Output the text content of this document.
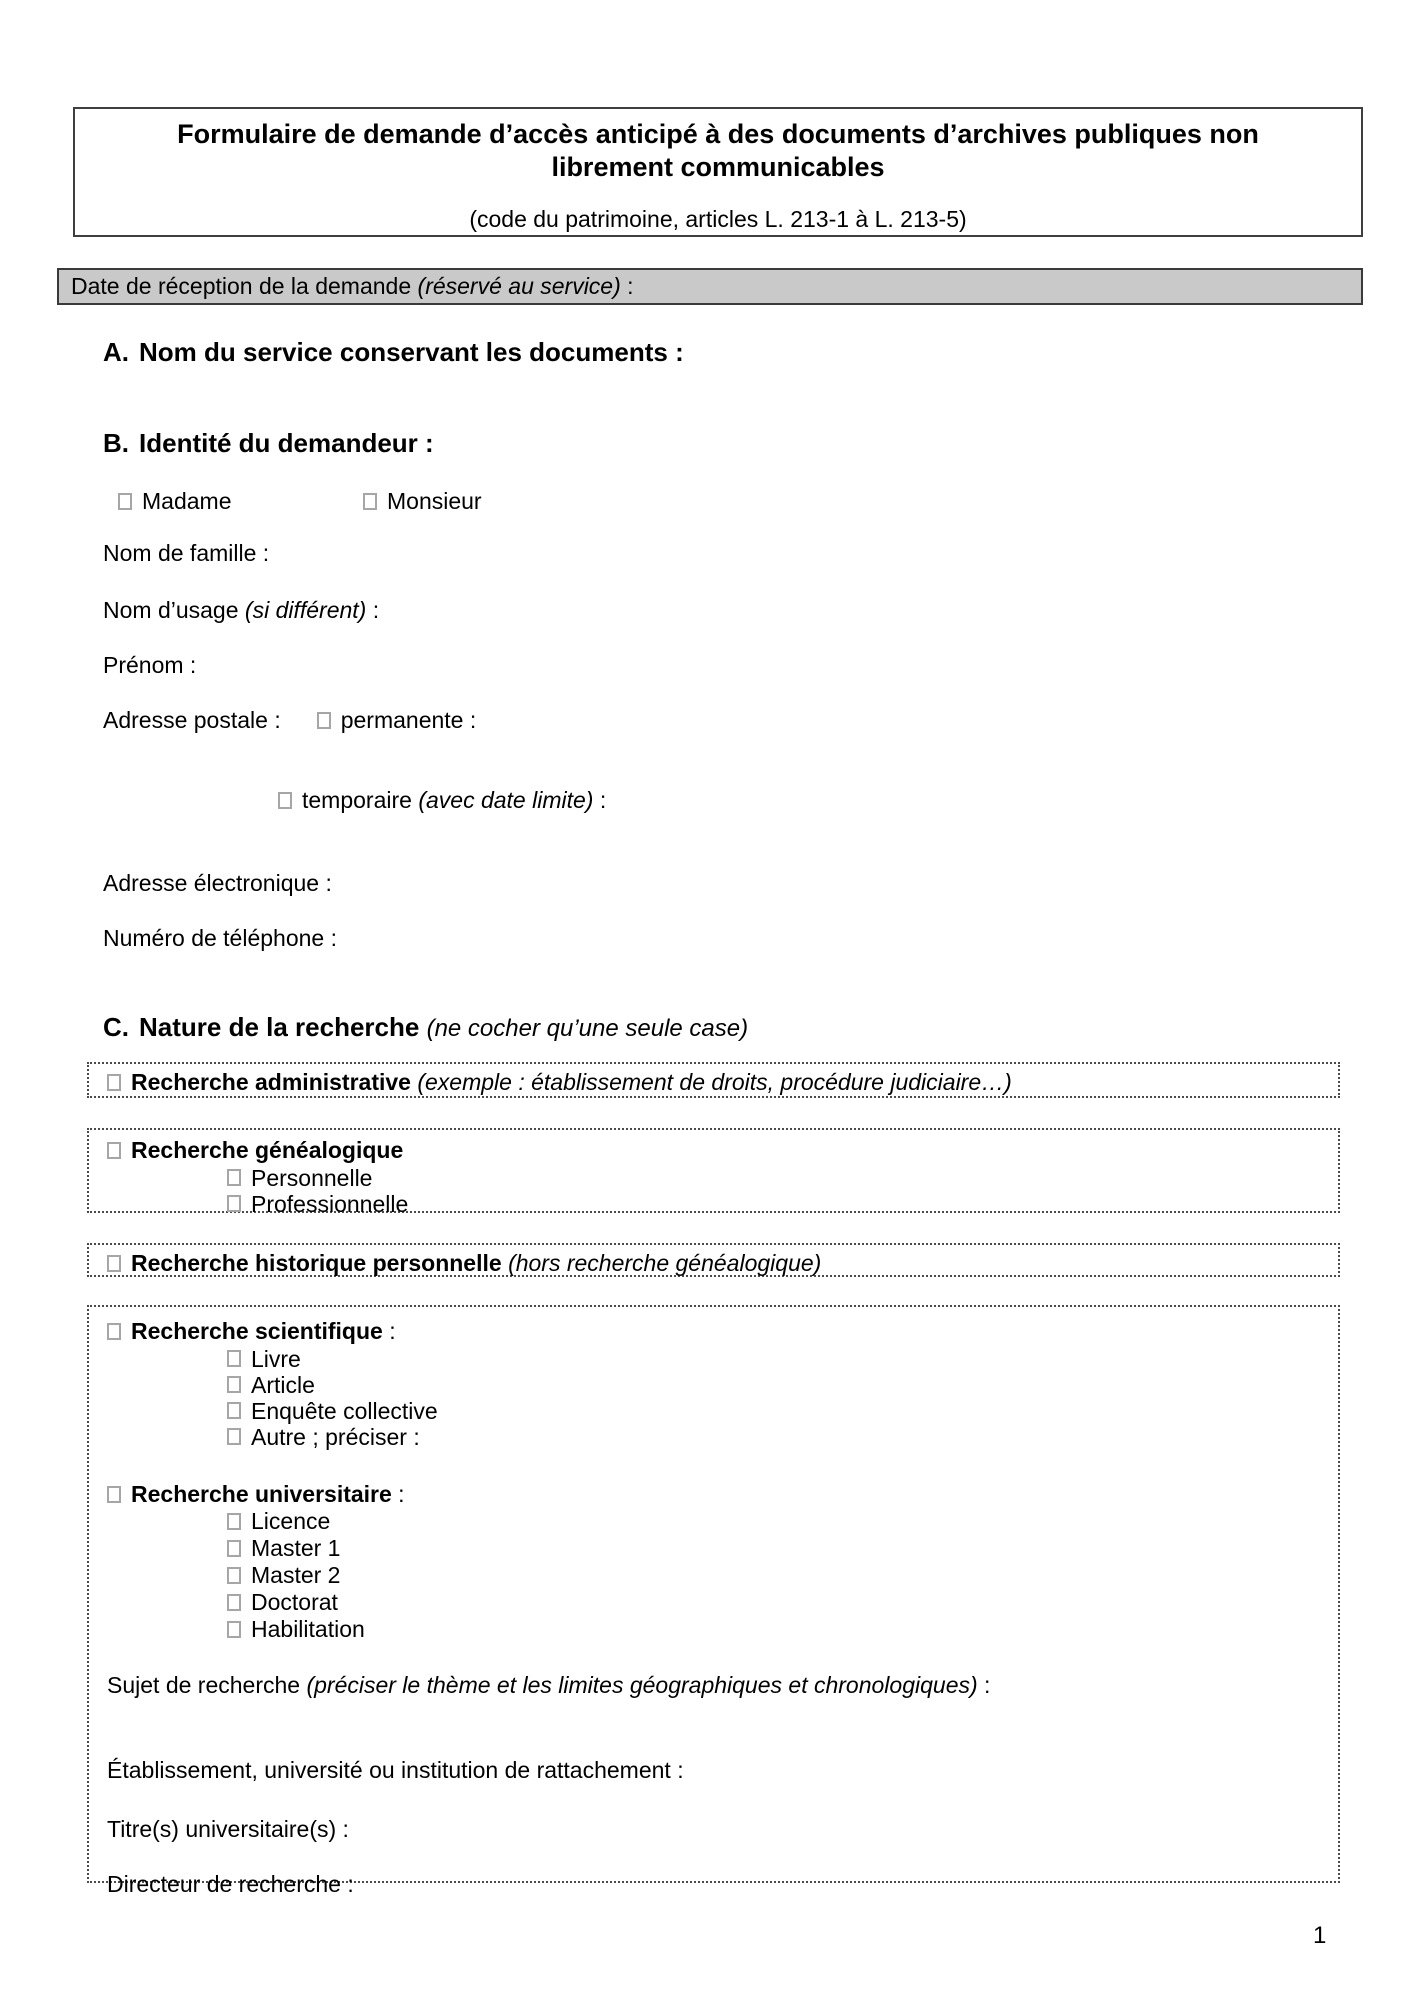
Formulaire de demande d’accès anticipé à des documents d’archives publiques non librement communicables
(code du patrimoine, articles L. 213-1 à L. 213-5)
Date de réception de la demande (réservé au service) :
A. Nom du service conservant les documents :
B. Identité du demandeur :
Madame	Monsieur
Nom de famille :
Nom d’usage (si différent) :
Prénom :
Adresse postale :	permanente :
temporaire (avec date limite) :
Adresse électronique :
Numéro de téléphone :
C. Nature de la recherche (ne cocher qu’une seule case)
Recherche administrative (exemple : établissement de droits, procédure judiciaire…)
Recherche généalogique
Personnelle
Professionnelle
Recherche historique personnelle (hors recherche généalogique)
Recherche scientifique :
Livre
Article
Enquête collective
Autre ; préciser :
Recherche universitaire :
Licence
Master 1
Master 2
Doctorat
Habilitation
Sujet de recherche (préciser le thème et les limites géographiques et chronologiques) :
Établissement, université ou institution de rattachement :
Titre(s) universitaire(s) :
Directeur de recherche :
1
